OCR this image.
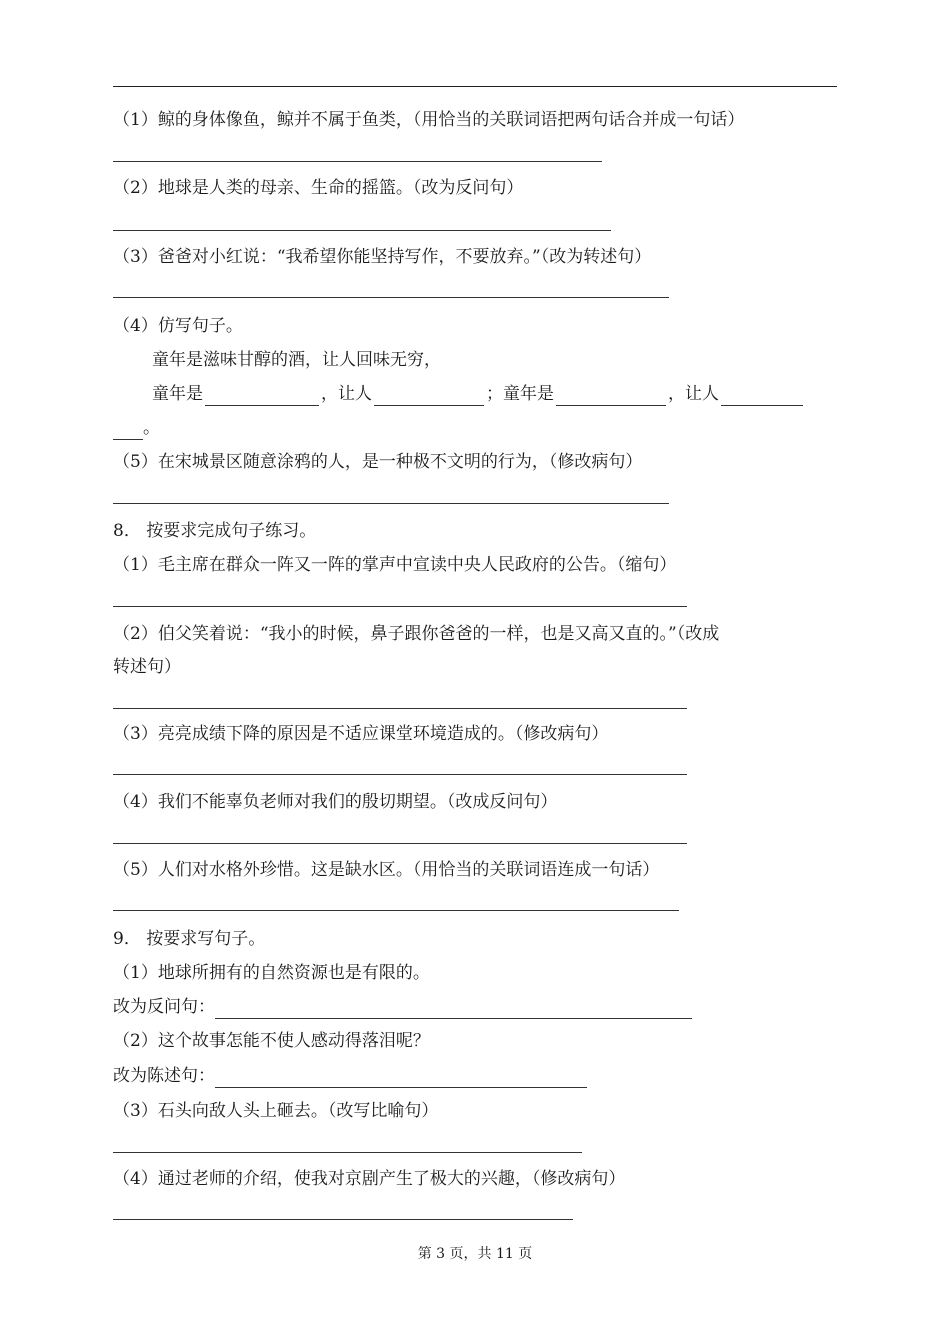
（1）鲸的身体像鱼，鲸并不属于鱼类，（用恰当的关联词语把两句话合并成一句话）
（2）地球是人类的母亲、生命的摇篮。（改为反问句）
（3）爸爸对小红说：“我希望你能坚持写作，不要放弃。”（改为转述句）
（4）仿写句子。
童年是滋味甘醇的酒，让人回味无穷，
童年是	，让人	；童年是	，让人
。
（5）在宋城景区随意涂鸦的人，是一种极不文明的行为，（修改病句）
8． 按要求完成句子练习。
（1）毛主席在群众一阵又一阵的掌声中宣读中央人民政府的公告。（缩句）
（2）伯父笑着说：“我小的时候，鼻子跟你爸爸的一样，也是又高又直的。”（改成
转述句）
（3）亮亮成绩下降的原因是不适应课堂环境造成的。（修改病句）
（4）我们不能辜负老师对我们的殷切期望。（改成反问句）
（5）人们对水格外珍惜。这是缺水区。（用恰当的关联词语连成一句话）
9． 按要求写句子。
（1）地球所拥有的自然资源也是有限的。
改为反问句：
（2）这个故事怎能不使人感动得落泪呢？
改为陈述句：
（3）石头向敌人头上砸去。（改写比喻句）
（4）通过老师的介绍，使我对京剧产生了极大的兴趣，（修改病句）
第 3 页，共 11 页
